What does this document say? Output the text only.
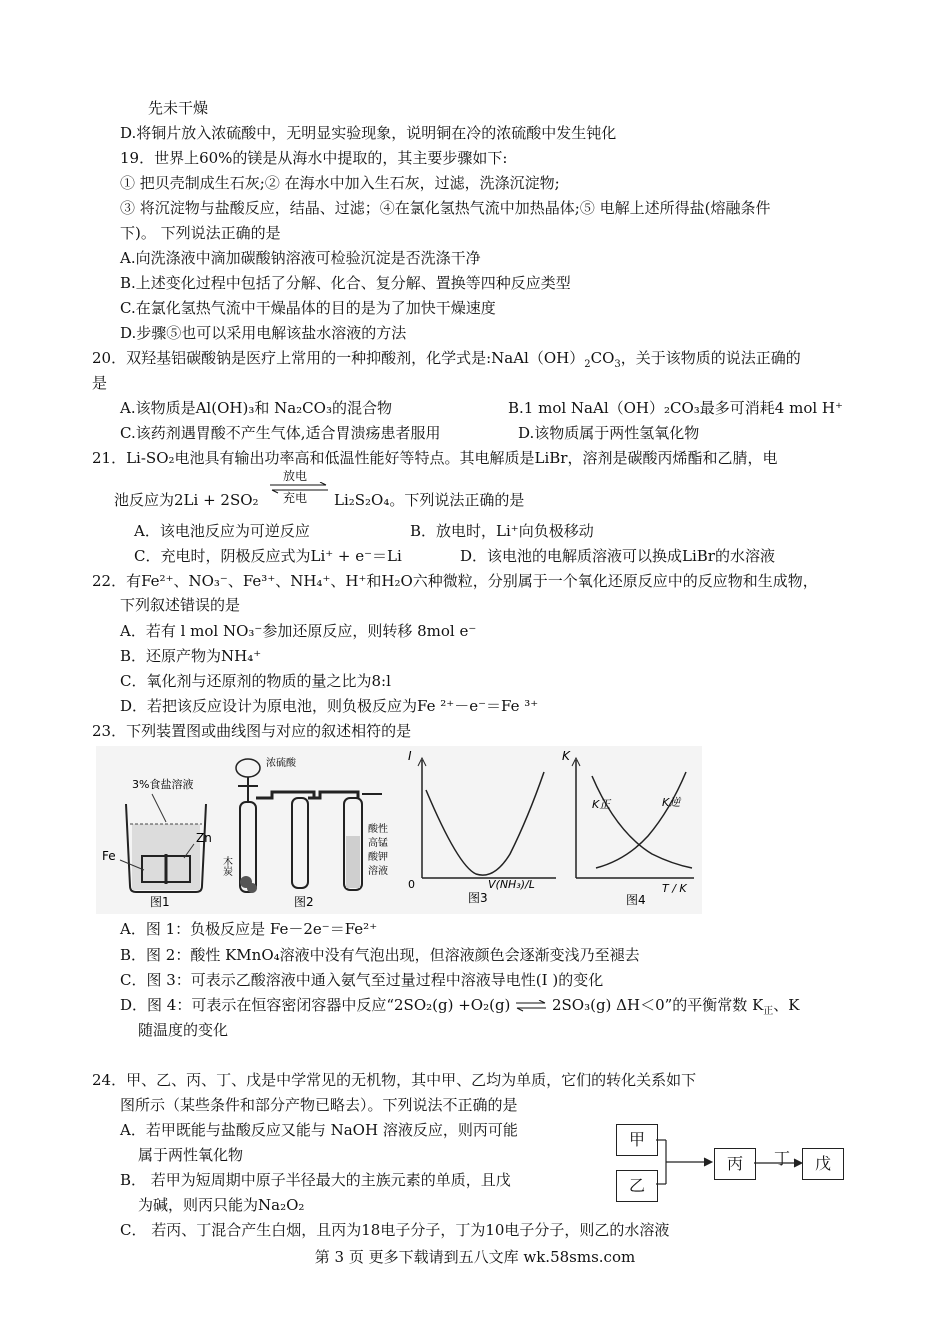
先未干燥
D.将铜片放入浓硫酸中，无明显实验现象，说明铜在冷的浓硫酸中发生钝化
19．世界上60%的镁是从海水中提取的，其主要步骤如下:
① 把贝壳制成生石灰;② 在海水中加入生石灰，过滤，洗涤沉淀物;
③ 将沉淀物与盐酸反应，结晶、过滤；④在氯化氢热气流中加热晶体;⑤ 电解上述所得盐(熔融条件
下)。 下列说法正确的是
A.向洗涤液中滴加碳酸钠溶液可检验沉淀是否洗涤干净
B.上述变化过程中包括了分解、化合、复分解、置换等四种反应类型
C.在氯化氢热气流中干燥晶体的目的是为了加快干燥速度
D.步骤⑤也可以采用电解该盐水溶液的方法
20．双羟基铝碳酸钠是医疗上常用的一种抑酸剂，化学式是$:NaAl(OH)_2CO_3$，关于该物质的说法正确的
是
A.该物质是Al(OH)₃和 Na₂CO₃的混合物	B.1 mol NaAl（OH）₂CO₃最多可消耗4 mol H⁺
C.该药剂遇胃酸不产生气体,适合胃溃疡患者服用	D.该物质属于两性氢氧化物
21．Li-SO₂电池具有输出功率高和低温性能好等特点。其电解质是LiBr，溶剂是碳酸丙烯酯和乙腈，电
池反应为2Li + 2SO₂
放电
充电 Li₂S₂O₄。下列说法正确的是
A．该电池反应为可逆反应	B．放电时，Li⁺向负极移动
C．充电时，阴极反应式为Li⁺ + e⁻＝Li	D．该电池的电解质溶液可以换成LiBr的水溶液
22．有Fe²⁺、NO₃⁻、Fe³⁺、NH₄⁺、H⁺和H₂O六种微粒，分别属于一个氧化还原反应中的反应物和生成物，
下列叙述错误的是
A．若有 l mol NO₃⁻参加还原反应，则转移 8mol e⁻
B．还原产物为NH₄⁺
C．氧化剂与还原剂的物质的量之比为8:l
D．若把该反应设计为原电池，则负极反应为Fe ²⁺－e⁻＝Fe ³⁺
23．下列装置图或曲线图与对应的叙述相符的是
3%食盐溶液
Fe
Zn
图1
浓硫酸
木炭
酸性高锰酸钾溶液
图2
I
0	V(NH₃)/L
图3
K
K正	K逆
T / K
图4
A．图 1：负极反应是 Fe－2e⁻＝Fe²⁺
B．图 2：酸性 KMnO₄溶液中没有气泡出现，但溶液颜色会逐渐变浅乃至褪去
C．图 3：可表示乙酸溶液中通入氨气至过量过程中溶液导电性(I )的变化
D．图 4：可表示在恒容密闭容器中反应“2SO₂(g) +O₂(g) ⇌ 2SO₃(g) ΔH＜0”的平衡常数 $K_正$、K
随温度的变化
24．甲、乙、丙、丁、戊是中学常见的无机物，其中甲、乙均为单质，它们的转化关系如下
图所示（某些条件和部分产物已略去）。下列说法不正确的是
A．若甲既能与盐酸反应又能与 NaOH 溶液反应，则丙可能
属于两性氧化物
B． 若甲为短周期中原子半径最大的主族元素的单质，且戊
为碱，则丙只能为Na₂O₂
C． 若丙、丁混合产生白烟，且丙为18电子分子，丁为10电子分子，则乙的水溶液
甲
乙
丙	丁	戊
第 3 页 更多下载请到五八文库 wk.58sms.com
